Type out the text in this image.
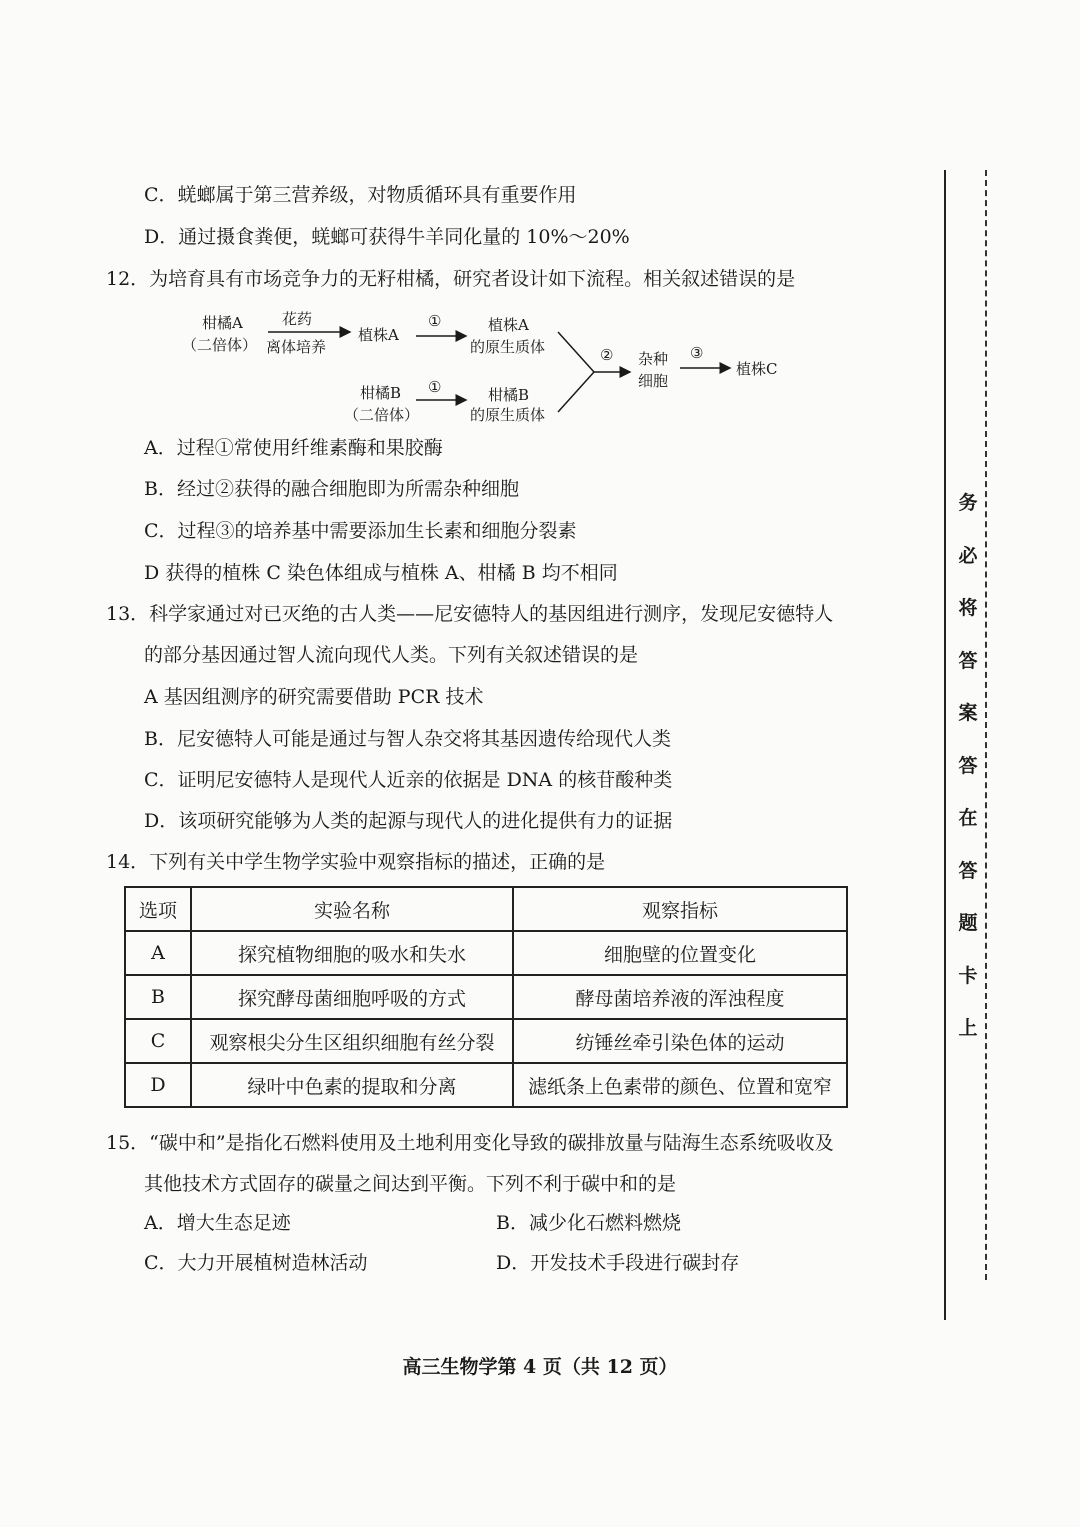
C．蜣螂属于第三营养级，对物质循环具有重要作用
D．通过摄食粪便，蜣螂可获得牛羊同化量的 10%～20%
12．为培育具有市场竞争力的无籽柑橘，研究者设计如下流程。相关叙述错误的是
柑橘A
（二倍体）
花药
离体培养
植株A
①	植株A
的原生质体
柑橘B
（二倍体）
①	柑橘B
的原生质体
② 杂种
细胞
③
植株C
A．过程①常使用纤维素酶和果胶酶
B．经过②获得的融合细胞即为所需杂种细胞
C．过程③的培养基中需要添加生长素和细胞分裂素
D 获得的植株 C 染色体组成与植株 A、柑橘 B 均不相同
13．科学家通过对已灭绝的古人类——尼安德特人的基因组进行测序，发现尼安德特人
的部分基因通过智人流向现代人类。下列有关叙述错误的是
A 基因组测序的研究需要借助 PCR 技术
B．尼安德特人可能是通过与智人杂交将其基因遗传给现代人类
C．证明尼安德特人是现代人近亲的依据是 DNA 的核苷酸种类
D．该项研究能够为人类的起源与现代人的进化提供有力的证据
14．下列有关中学生物学实验中观察指标的描述，正确的是
选项	实验名称	观察指标
A	探究植物细胞的吸水和失水	细胞壁的位置变化
B	探究酵母菌细胞呼吸的方式	酵母菌培养液的浑浊程度
C	观察根尖分生区组织细胞有丝分裂	纺锤丝牵引染色体的运动
D	绿叶中色素的提取和分离	滤纸条上色素带的颜色、位置和宽窄
15．“碳中和”是指化石燃料使用及土地利用变化导致的碳排放量与陆海生态系统吸收及
其他技术方式固存的碳量之间达到平衡。下列不利于碳中和的是
A．增大生态足迹	B．减少化石燃料燃烧
C．大力开展植树造林活动	D．开发技术手段进行碳封存
务
必
将
答
案
答
在
答
题
卡
上
高三生物学第 4 页（共 12 页）
